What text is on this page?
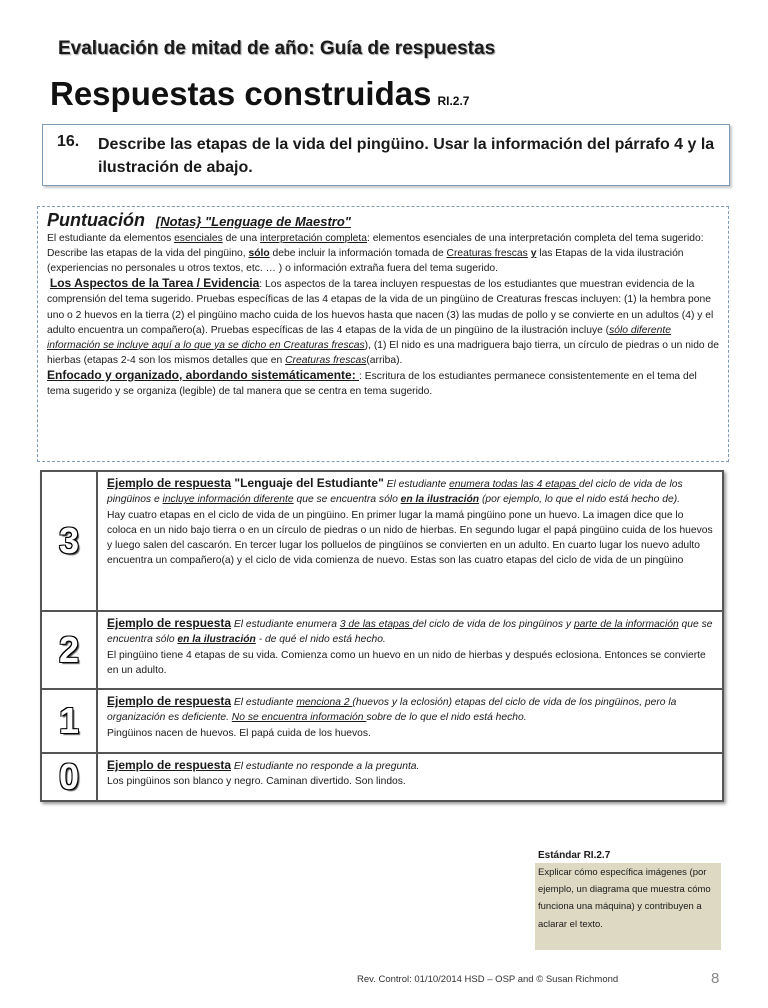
Evaluación de mitad de año: Guía de respuestas
Respuestas construidas RI.2.7
16. Describe las etapas de la vida del pingüino. Usar la información del párrafo 4 y la ilustración de abajo.
Puntuación [Notas} "Lenguage de Maestro"
El estudiante da elementos esenciales de una interpretación completa: elementos esenciales de una interpretación completa del tema sugerido: Describe las etapas de la vida del pingüino, sólo debe incluir la información tomada de Creaturas frescas y las Etapas de la vida ilustración (experiencias no personales u otros textos, etc. … ) o información extraña fuera del tema sugerido.
Los Aspectos de la Tarea / Evidencia: Los aspectos de la tarea incluyen respuestas de los estudiantes que muestran evidencia de la comprensión del tema sugerido. Pruebas específicas de las 4 etapas de la vida de un pingüino de Creaturas frescas incluyen: (1) la hembra pone uno o 2 huevos en la tierra (2) el pingüino macho cuida de los huevos hasta que nacen (3) las mudas de pollo y se convierte en un adultos (4) y el adulto encuentra un compañero(a). Pruebas específicas de las 4 etapas de la vida de un pingüino de la ilustración incluye (sólo diferente información se incluye aquí a lo que ya se dicho en Creaturas frescas), (1) El nido es una madriguera bajo tierra, un círculo de piedras o un nido de hierbas (etapas 2-4 son los mismos detalles que en Creaturas frescas(arriba).
Enfocado y organizado, abordando sistemáticamente: : Escritura de los estudiantes permanece consistentemente en el tema del tema sugerido y se organiza (legible) de tal manera que se centra en tema sugerido.
3	Ejemplo de respuesta "Lenguaje del Estudiante" El estudiante enumera todas las 4 etapas del ciclo de vida de los pingüinos e incluye información diferente que se encuentra sólo en la ilustración (por ejemplo, lo que el nido está hecho de).
Hay cuatro etapas en el ciclo de vida de un pingüino. En primer lugar la mamá pingüino pone un huevo. La imagen dice que lo coloca en un nido bajo tierra o en un círculo de piedras o un nido de hierbas. En segundo lugar el papá pingüino cuida de los huevos y luego salen del cascarón. En tercer lugar los polluelos de pingüinos se convierten en un adulto. En cuarto lugar los nuevo adulto encuentra un compañero(a) y el ciclo de vida comienza de nuevo. Estas son las cuatro etapas del ciclo de vida de un pingüino

2	Ejemplo de respuesta El estudiante enumera 3 de las etapas del ciclo de vida de los pingüinos y parte de la información que se encuentra sólo en la ilustración - de qué el nido está hecho.
El pingüino tiene 4 etapas de su vida. Comienza como un huevo en un nido de hierbas y después eclosiona. Entonces se convierte en un adulto.

1	Ejemplo de respuesta El estudiante menciona 2 (huevos y la eclosión) etapas del ciclo de vida de los pingüinos, pero la organización es deficiente. No se encuentra información sobre de lo que el nido está hecho.
Pingüinos nacen de huevos. El papá cuida de los huevos.

0	Ejemplo de respuesta El estudiante no responde a la pregunta.
Los pingüinos son blanco y negro. Caminan divertido. Son lindos.
Estándar RI.2.7
Explicar cómo específica imágenes (por ejemplo, un diagrama que muestra cómo funciona una máquina) y contribuyen a aclarar el texto.
Rev. Control: 01/10/2014 HSD – OSP and © Susan Richmond	8
